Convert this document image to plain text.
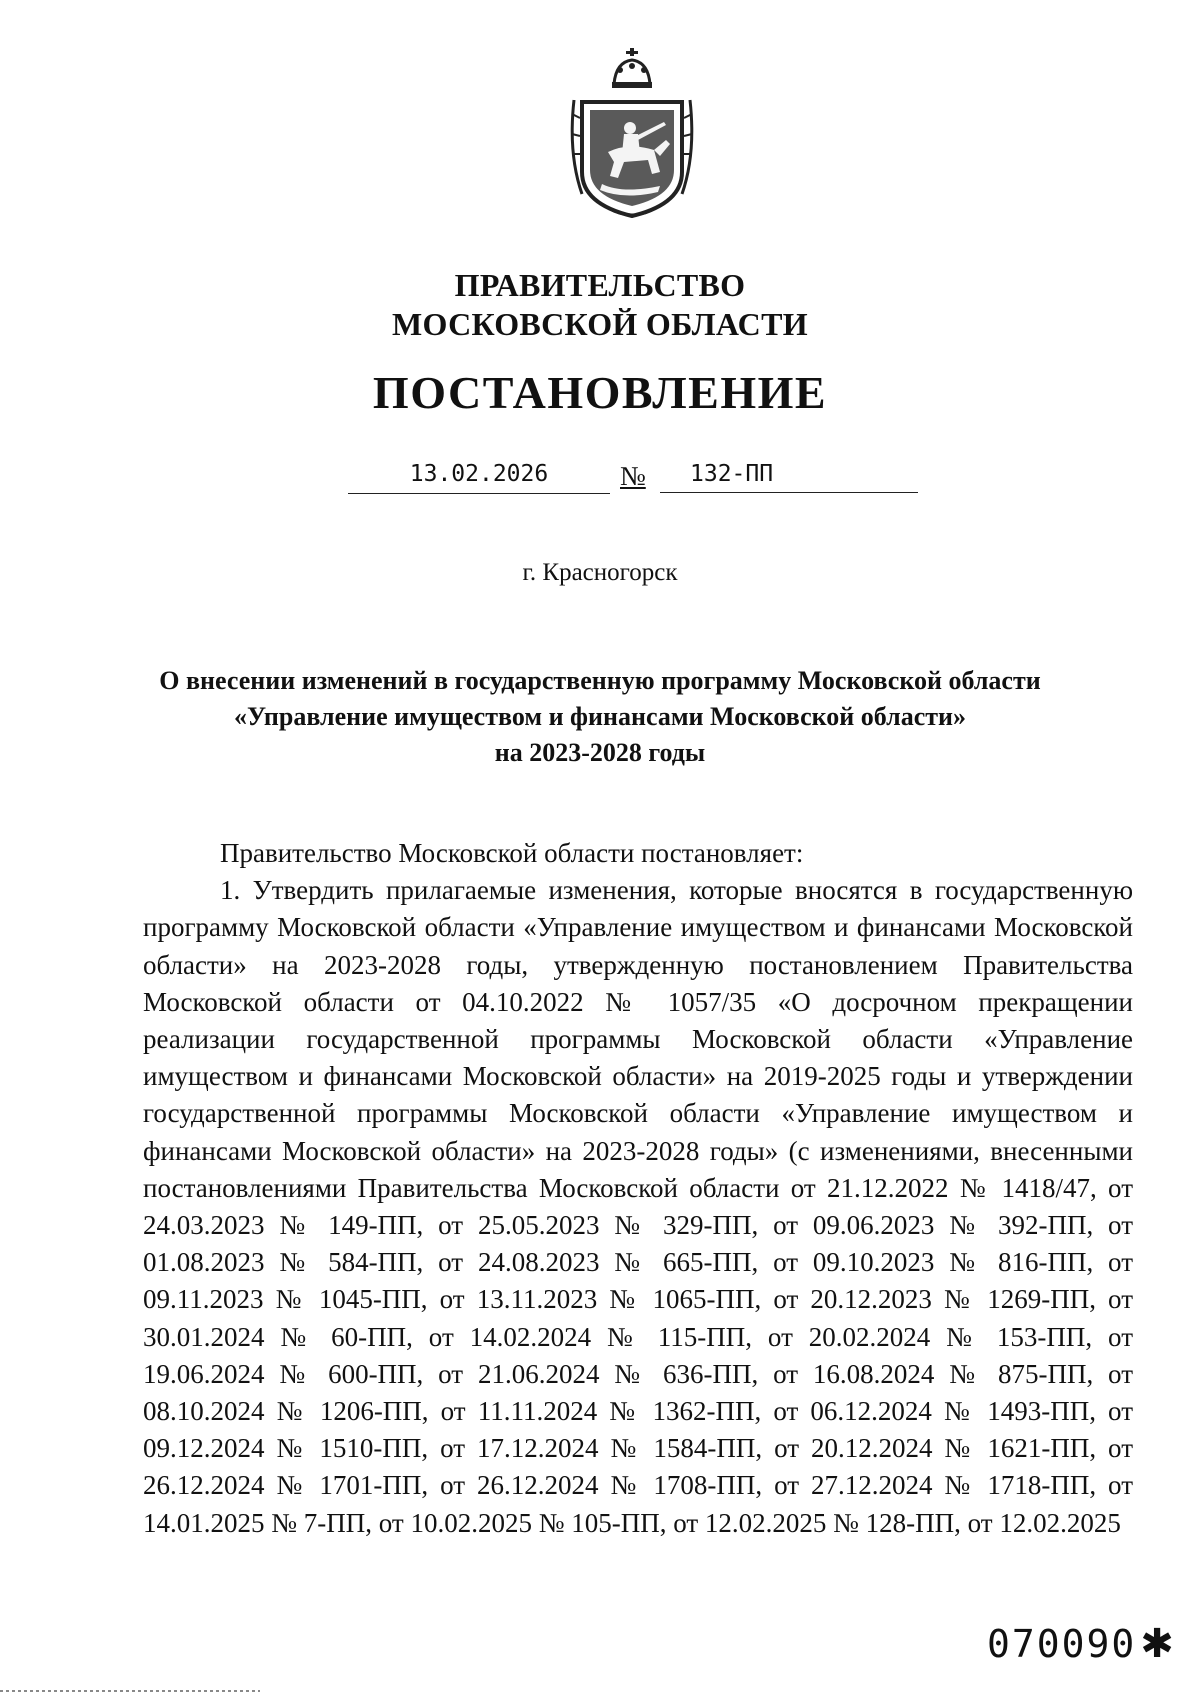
ПРАВИТЕЛЬСТВО
МОСКОВСКОЙ ОБЛАСТИ
ПОСТАНОВЛЕНИЕ
13.02.2026	№	132-ПП
г. Красногорск
О внесении изменений в государственную программу Московской области
«Управление имуществом и финансами Московской области»
на 2023-2028 годы

Правительство Московской области постановляет:

1. Утвердить прилагаемые изменения, которые вносятся в государственную программу Московской области «Управление имуществом и финансами Московской области» на 2023-2028 годы, утвержденную постановлением Правительства Московской области от 04.10.2022 № 1057/35 «О досрочном прекращении реализации государственной программы Московской области «Управление имуществом и финансами Московской области» на 2019-2025 годы и утверждении государственной программы Московской области «Управление имуществом и финансами Московской области» на 2023-2028 годы» (с изменениями, внесенными постановлениями Правительства Московской области от 21.12.2022 № 1418/47, от 24.03.2023 № 149-ПП, от 25.05.2023 № 329-ПП, от 09.06.2023 № 392-ПП, от 01.08.2023 № 584-ПП, от 24.08.2023 № 665-ПП, от 09.10.2023 № 816-ПП, от 09.11.2023 № 1045-ПП, от 13.11.2023 № 1065-ПП, от 20.12.2023 № 1269-ПП, от 30.01.2024 № 60-ПП, от 14.02.2024 № 115-ПП, от 20.02.2024 № 153-ПП, от 19.06.2024 № 600-ПП, от 21.06.2024 № 636-ПП, от 16.08.2024 № 875-ПП, от 08.10.2024 № 1206-ПП, от 11.11.2024 № 1362-ПП, от 06.12.2024 № 1493-ПП, от 09.12.2024 № 1510-ПП, от 17.12.2024 № 1584-ПП, от 20.12.2024 № 1621-ПП, от 26.12.2024 № 1701-ПП, от 26.12.2024 № 1708-ПП, от 27.12.2024 № 1718-ПП, от 14.01.2025 № 7-ПП, от 10.02.2025 № 105-ПП, от 12.02.2025 № 128-ПП, от 12.02.2025

070090 ✱
